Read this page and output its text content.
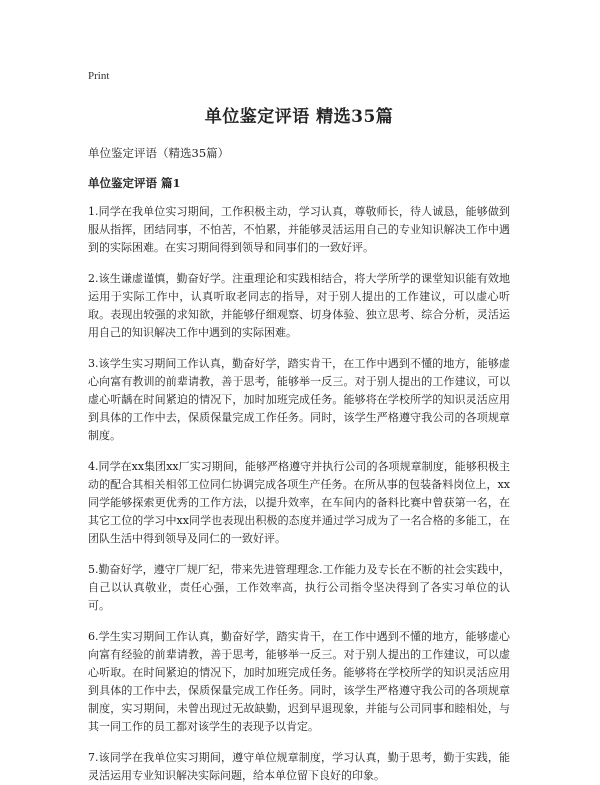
Print
单位鉴定评语 精选35篇
单位鉴定评语（精选35篇）
单位鉴定评语 篇1

1.同学在我单位实习期间，工作积极主动，学习认真，尊敬师长，待人诚恳，能够做到服从指挥，团结同事，不怕苦，不怕累，并能够灵活运用自己的专业知识解决工作中遇到的实际困难。在实习期间得到领导和同事们的一致好评。

2.该生谦虚谨慎，勤奋好学。注重理论和实践相结合，将大学所学的课堂知识能有效地运用于实际工作中，认真听取老同志的指导，对于别人提出的工作建议，可以虚心听取。表现出较强的求知欲，并能够仔细观察、切身体验、独立思考、综合分析，灵活运用自己的知识解决工作中遇到的实际困难。

3.该学生实习期间工作认真，勤奋好学，踏实肯干，在工作中遇到不懂的地方，能够虚心向富有教训的前辈请教，善于思考，能够举一反三。对于别人提出的工作建议，可以虚心听龋在时间紧迫的情况下，加时加班完成任务。能够将在学校所学的知识灵活应用到具体的工作中去，保质保量完成工作任务。同时，该学生严格遵守我公司的各项规章制度。

4.同学在xx集团xx厂实习期间，能够严格遵守并执行公司的各项规章制度，能够积极主动的配合其相关相邻工位同仁协调完成各项生产任务。在所从事的包装备料岗位上，xx同学能够探索更优秀的工作方法，以提升效率，在车间内的备料比赛中曾获第一名，在其它工位的学习中xx同学也表现出积极的态度并通过学习成为了一名合格的多能工，在团队生活中得到领导及同仁的一致好评。

5.勤奋好学，遵守厂规厂纪，带来先进管理理念.工作能力及专长在不断的社会实践中，自己以认真敬业，责任心强，工作效率高，执行公司指令坚决得到了各实习单位的认可。

6.学生实习期间工作认真，勤奋好学，踏实肯干，在工作中遇到不懂的地方，能够虚心向富有经验的前辈请教，善于思考，能够举一反三。对于别人提出的工作建议，可以虚心听取。在时间紧迫的情况下，加时加班完成任务。能够将在学校所学的知识灵活应用到具体的工作中去，保质保量完成工作任务。同时，该学生严格遵守我公司的各项规章制度，实习期间，未曾出现过无故缺勤，迟到早退现象，并能与公司同事和睦相处，与其一同工作的员工都对该学生的表现予以肯定。

7.该同学在我单位实习期间，遵守单位规章制度，学习认真，勤于思考，勤于实践，能灵活运用专业知识解决实际问题，给本单位留下良好的印象。
